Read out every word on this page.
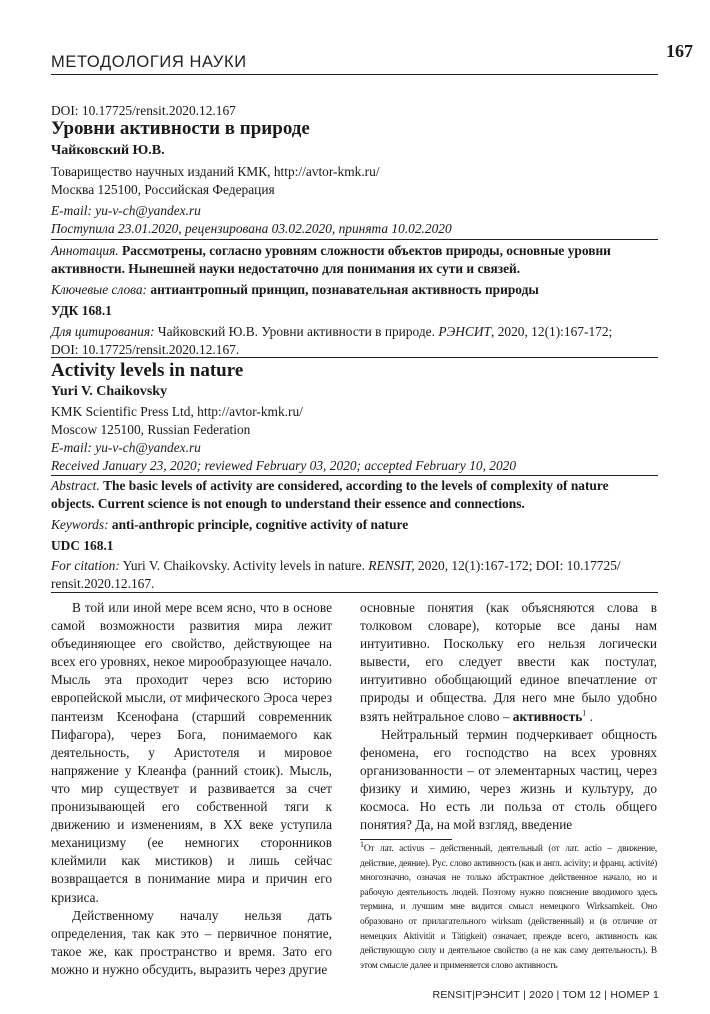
МЕТОДОЛОГИЯ НАУКИ
167
DOI: 10.17725/rensit.2020.12.167
Уровни активности в природе
Чайковский Ю.В.
Товарищество научных изданий КМК, http://avtor-kmk.ru/
Москва 125100, Российская Федерация
E-mail: yu-v-ch@yandex.ru
Поступила 23.01.2020, рецензирована 03.02.2020, принята 10.02.2020
Аннотация. Рассмотрены, согласно уровням сложности объектов природы, основные уровни
активности. Нынешней науки недостаточно для понимания их сути и связей.
Ключевые слова: антиантропный принцип, познавательная активность природы
УДК 168.1
Для цитирования: Чайковский Ю.В. Уровни активности в природе. РЭНСИТ, 2020, 12(1):167-172;
DOI: 10.17725/rensit.2020.12.167.
Activity levels in nature
Yuri V. Chaikovsky
KMK Scientific Press Ltd, http://avtor-kmk.ru/
Moscow 125100, Russian Federation
E-mail: yu-v-ch@yandex.ru
Received January 23, 2020; reviewed February 03, 2020; accepted February 10, 2020
Abstract. The basic levels of activity are considered, according to the levels of complexity of nature
objects. Current science is not enough to understand their essence and connections.
Keywords: anti-anthropic principle, cognitive activity of nature
UDC 168.1
For citation: Yuri V. Chaikovsky. Activity levels in nature. RENSIT, 2020, 12(1):167-172; DOI: 10.17725/
rensit.2020.12.167.

В той или иной мере всем ясно, что в основе самой возможности развития мира лежит объединяющее его свойство, действующее на всех его уровнях, некое мирообразующее начало. Мысль эта проходит через всю историю европейской мысли, от мифического Эроса через пантеизм Ксенофана (старший современник Пифагора), через Бога, понимаемого как деятельность, у Аристотеля и мировое напряжение у Клеанфа (ранний стоик). Мысль, что мир существует и развивается за счет пронизывающей его собственной тяги к движению и изменениям, в XX веке уступила механицизму (ее немногих сторонников клеймили как мистиков) и лишь сейчас возвращается в понимание мира и причин его кризиса.

Действенному началу нельзя дать определения, так как это – первичное понятие, такое же, как пространство и время. Зато его можно и нужно обсудить, выразить через другие

основные понятия (как объясняются слова в толковом словаре), которые все даны нам интуитивно. Поскольку его нельзя логически вывести, его следует ввести как постулат, интуитивно обобщающий единое впечатление от природы и общества. Для него мне было удобно взять нейтральное слово – активность$^1$ .

Нейтральный термин подчеркивает общность феномена, его господство на всех уровнях организованности – от элементарных частиц, через физику и химию, через жизнь и культуру, до космоса. Но есть ли польза от столь общего понятия? Да, на мой взгляд, введение

$^1$От лат. activus – действенный, деятельный (от лат. actio – движение, действие, деяние). Рус. слово активность (как и англ. acivity; и франц. activité) многозначно, означая не только абстрактное действенное начало, но и рабочую деятельность людей. Поэтому нужно пояснение вводимого здесь термина, и лучшим мне видится смысл немецкого Wirksamkeit. Оно образовано от прилагательного wirksam (действенный) и (в отличие от немецких Aktivität и Tätigkeit) означает, прежде всего, активность как действующую силу и деятельное свойство (а не как саму деятельность). В этом смысле далее и применяется слово активность
RENSIT|РЭНСИТ | 2020 | ТОМ 12 | НОМЕР 1
